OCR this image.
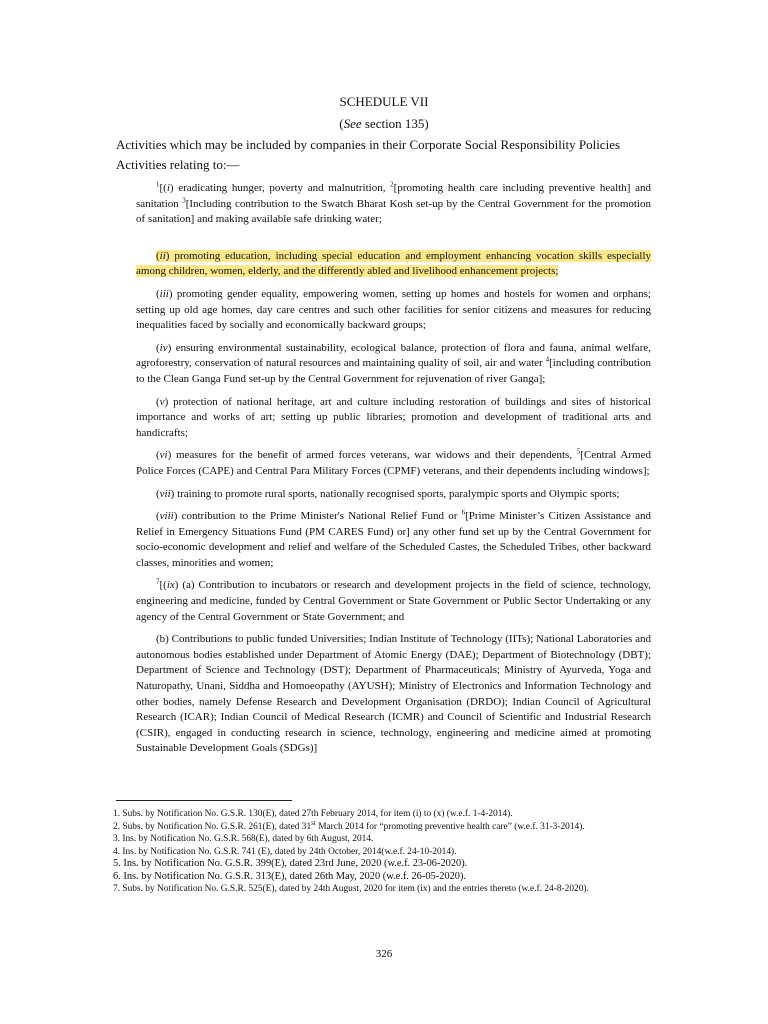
SCHEDULE VII
(See section 135)
Activities which may be included by companies in their Corporate Social Responsibility Policies
Activities relating to:—

$^1$[(i) eradicating hunger, poverty and malnutrition, $^2$[promoting health care including preventive health] and sanitation $^3$[Including contribution to the Swatch Bharat Kosh set-up by the Central Government for the promotion of sanitation] and making available safe drinking water;

(ii) promoting education, including special education and employment enhancing vocation skills especially among children, women, elderly, and the differently abled and livelihood enhancement projects;

(iii) promoting gender equality, empowering women, setting up homes and hostels for women and orphans; setting up old age homes, day care centres and such other facilities for senior citizens and measures for reducing inequalities faced by socially and economically backward groups;

(iv) ensuring environmental sustainability, ecological balance, protection of flora and fauna, animal welfare, agroforestry, conservation of natural resources and maintaining quality of soil, air and water $^4$[including contribution to the Clean Ganga Fund set-up by the Central Government for rejuvenation of river Ganga];

(v) protection of national heritage, art and culture including restoration of buildings and sites of historical importance and works of art; setting up public libraries; promotion and development of traditional arts and handicrafts;

(vi) measures for the benefit of armed forces veterans, war widows and their dependents, $^5$[Central Armed Police Forces (CAPE) and Central Para Military Forces (CPMF) veterans, and their dependents including windows];

(vii) training to promote rural sports, nationally recognised sports, paralympic sports and Olympic sports;

(viii) contribution to the Prime Minister's National Relief Fund or $^6$[Prime Minister’s Citizen Assistance and Relief in Emergency Situations Fund (PM CARES Fund) or] any other fund set up by the Central Government for socio-economic development and relief and welfare of the Scheduled Castes, the Scheduled Tribes, other backward classes, minorities and women;

$^7$[(ix) (a) Contribution to incubators or research and development projects in the field of science, technology, engineering and medicine, funded by Central Government or State Government or Public Sector Undertaking or any agency of the Central Government or State Government; and

(b) Contributions to public funded Universities; Indian Institute of Technology (IITs); National Laboratories and autonomous bodies established under Department of Atomic Energy (DAE); Department of Biotechnology (DBT); Department of Science and Technology (DST); Department of Pharmaceuticals; Ministry of Ayurveda, Yoga and Naturopathy, Unani, Siddha and Homoeopathy (AYUSH); Ministry of Electronics and Information Technology and other bodies, namely Defense Research and Development Organisation (DRDO); Indian Council of Agricultural Research (ICAR); Indian Council of Medical Research (ICMR) and Council of Scientific and Industrial Research (CSIR), engaged in conducting research in science, technology, engineering and medicine aimed at promoting Sustainable Development Goals (SDGs)]

1. Subs. by Notification No. G.S.R. 130(E), dated 27th February 2014, for item (i) to (x) (w.e.f. 1-4-2014).
2. Subs. by Notification No. G.S.R. 261(E), dated 31st March 2014 for “promoting preventive health care” (w.e.f. 31-3-2014).
3. Ins. by Notification No. G.S.R. 568(E), dated by 6th August, 2014.
4. Ins. by Notification No. G.S.R. 741 (E), dated by 24th October, 2014(w.e.f. 24-10-2014).
5. Ins. by Notification No. G.S.R. 399(E), dated 23rd June, 2020 (w.e.f. 23-06-2020).
6. Ins. by Notification No. G.S.R. 313(E), dated 26th May, 2020 (w.e.f. 26-05-2020).
7. Subs. by Notification No. G.S.R. 525(E), dated by 24th August, 2020 for item (ix) and the entries thereto (w.e.f. 24-8-2020).
326
